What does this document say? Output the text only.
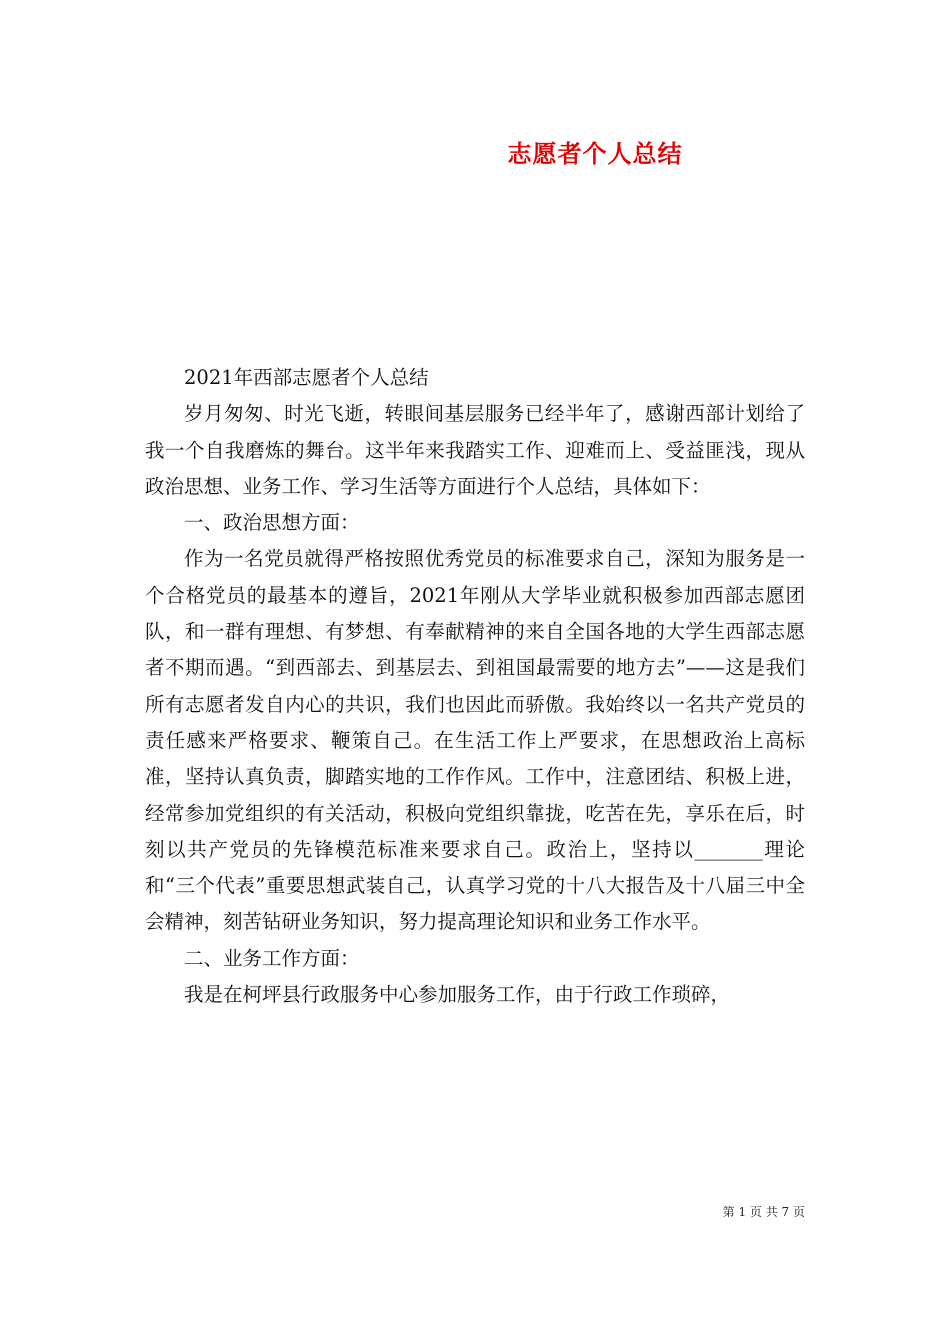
志愿者个人总结

2021年西部志愿者个人总结

岁月匆匆、时光飞逝，转眼间基层服务已经半年了，感谢西部计划给了我一个自我磨炼的舞台。这半年来我踏实工作、迎难而上、受益匪浅，现从政治思想、业务工作、学习生活等方面进行个人总结，具体如下：

一、政治思想方面：

作为一名党员就得严格按照优秀党员的标准要求自己，深知为服务是一个合格党员的最基本的遵旨，2021年刚从大学毕业就积极参加西部志愿团队，和一群有理想、有梦想、有奉献精神的来自全国各地的大学生西部志愿者不期而遇。“到西部去、到基层去、到祖国最需要的地方去”——这是我们所有志愿者发自内心的共识，我们也因此而骄傲。我始终以一名共产党员的责任感来严格要求、鞭策自己。在生活工作上严要求，在思想政治上高标准，坚持认真负责，脚踏实地的工作作风。工作中，注意团结、积极上进，经常参加党组织的有关活动，积极向党组织靠拢，吃苦在先，享乐在后，时刻以共产党员的先锋模范标准来要求自己。政治上，坚持以_______理论和“三个代表”重要思想武装自己，认真学习党的十八大报告及十八届三中全会精神，刻苦钻研业务知识，努力提高理论知识和业务工作水平。

二、业务工作方面：

我是在柯坪县行政服务中心参加服务工作，由于行政工作琐碎，

第 1 页 共 7 页
